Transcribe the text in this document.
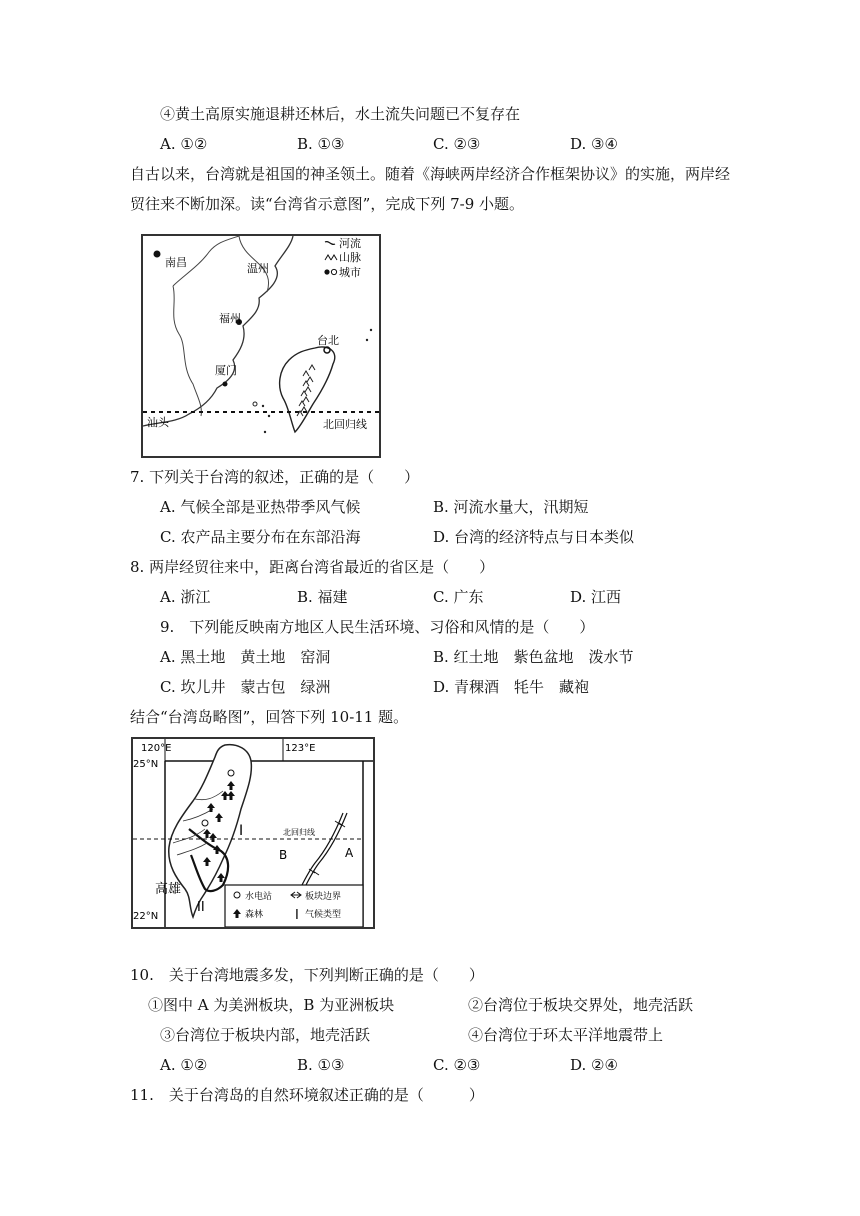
④黄土高原实施退耕还林后，水土流失问题已不复存在
A. ①②	B. ①③	C. ②③	D. ③④
自古以来，台湾就是祖国的神圣领土。随着《海峡两岸经济合作框架协议》的实施，两岸经
贸往来不断加深。读“台湾省示意图”，完成下列 7-9 小题。
南昌	温州
福州
台北
厦门
汕头	北回归线
河流
山脉
城市
7. 下列关于台湾的叙述，正确的是（　　）
A. 气候全部是亚热带季风气候	B. 河流水量大，汛期短
C. 农产品主要分布在东部沿海	D. 台湾的经济特点与日本类似
8. 两岸经贸往来中，距离台湾省最近的省区是（　　）
A. 浙江	B. 福建	C. 广东	D. 江西
9.　下列能反映南方地区人民生活环境、习俗和风情的是（　　）
A. 黑土地　黄土地　窑洞	B. 红土地　紫色盆地　泼水节
C. 坎儿井　蒙古包　绿洲	D. 青稞酒　牦牛　藏袍
结合“台湾岛略图”，回答下列 10-11 题。
120°E	123°E
25°N
22°N
北回归线
A
B
I
II
高雄	水电站	板块边界
森林 I 气候类型
10.　关于台湾地震多发，下列判断正确的是（　　）
①图中 A 为美洲板块，B 为亚洲板块	②台湾位于板块交界处，地壳活跃
③台湾位于板块内部，地壳活跃	④台湾位于环太平洋地震带上
A. ①②	B. ①③	C. ②③	D. ②④
11.　关于台湾岛的自然环境叙述正确的是（　　　）
